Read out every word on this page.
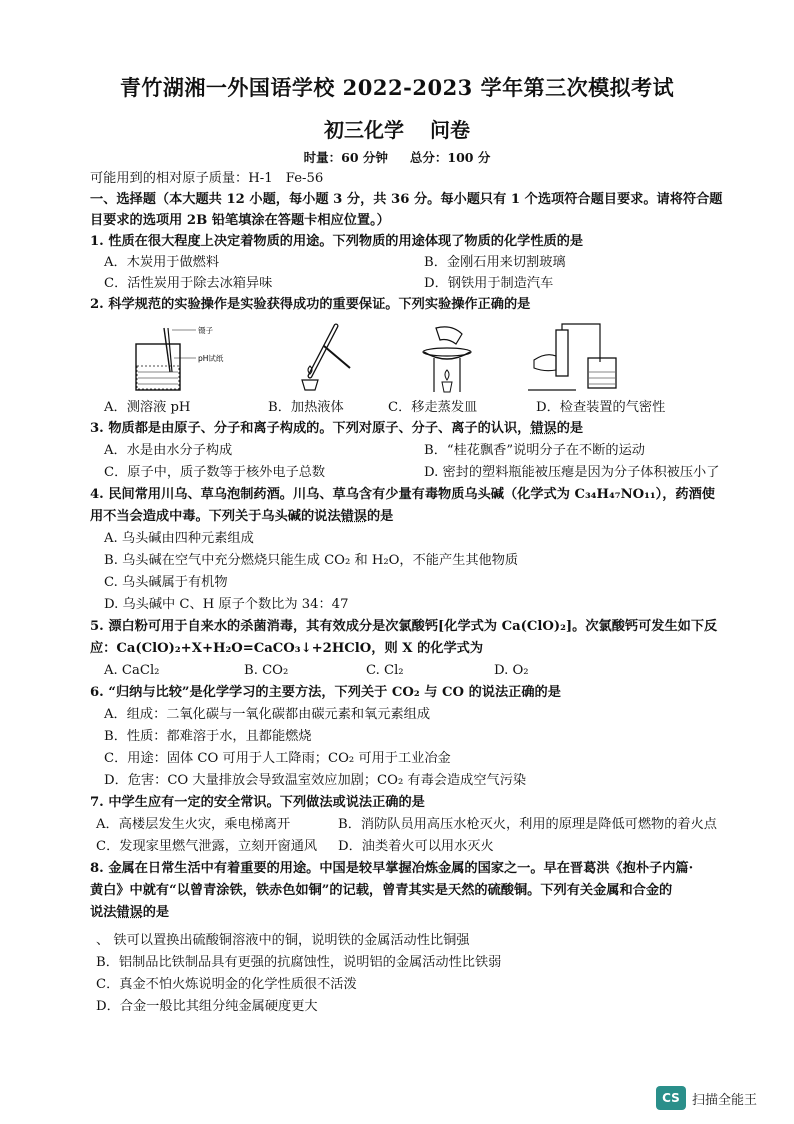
青竹湖湘一外国语学校 2022-2023 学年第三次模拟考试
初三化学 问卷
时量：60 分钟 总分：100 分
可能用到的相对原子质量：H-1　Fe-56
一、选择题（本大题共 12 小题，每小题 3 分，共 36 分。每小题只有 1 个选项符合题目要求。请将符合题
目要求的选项用 2B 铅笔填涂在答题卡相应位置。）
1. 性质在很大程度上决定着物质的用途。下列物质的用途体现了物质的化学性质的是
A．木炭用于做燃料	B．金刚石用来切割玻璃
C．活性炭用于除去冰箱异味	D．钢铁用于制造汽车
2. 科学规范的实验操作是实验获得成功的重要保证。下列实验操作正确的是
镊子
pH试纸
A．测溶液 pH	B．加热液体	C．移走蒸发皿	D．检查装置的气密性
3. 物质都是由原子、分子和离子构成的。下列对原子、分子、离子的认识，错误的是
A．水是由水分子构成	B．“桂花飘香”说明分子在不断的运动
C．原子中，质子数等于核外电子总数	D. 密封的塑料瓶能被压瘪是因为分子体积被压小了
4. 民间常用川乌、草乌泡制药酒。川乌、草乌含有少量有毒物质乌头碱（化学式为 C₃₄H₄₇NO₁₁），药酒使
用不当会造成中毒。下列关于乌头碱的说法错误的是
A. 乌头碱由四种元素组成
B. 乌头碱在空气中充分燃烧只能生成 CO₂ 和 H₂O，不能产生其他物质
C. 乌头碱属于有机物
D. 乌头碱中 C、H 原子个数比为 34：47
5. 漂白粉可用于自来水的杀菌消毒，其有效成分是次氯酸钙[化学式为 Ca(ClO)₂]。次氯酸钙可发生如下反
应：Ca(ClO)₂+X+H₂O=CaCO₃↓+2HClO，则 X 的化学式为
A. CaCl₂	B. CO₂	C. Cl₂	D. O₂
6. “归纳与比较”是化学学习的主要方法，下列关于 CO₂ 与 CO 的说法正确的是
A．组成：二氧化碳与一氧化碳都由碳元素和氧元素组成
B．性质：都难溶于水，且都能燃烧
C．用途：固体 CO 可用于人工降雨；CO₂ 可用于工业冶金
D．危害：CO 大量排放会导致温室效应加剧；CO₂ 有毒会造成空气污染
7. 中学生应有一定的安全常识。下列做法或说法正确的是
A．高楼层发生火灾，乘电梯离开	B．消防队员用高压水枪灭火，利用的原理是降低可燃物的着火点
C．发现家里燃气泄露，立刻开窗通风 D．油类着火可以用水灭火
8. 金属在日常生活中有着重要的用途。中国是较早掌握冶炼金属的国家之一。早在晋葛洪《抱朴子内篇·
黄白》中就有“以曾青涂铁，铁赤色如铜”的记载，曾青其实是天然的硫酸铜。下列有关金属和合金的
说法错误的是
、 铁可以置换出硫酸铜溶液中的铜，说明铁的金属活动性比铜强
B．铝制品比铁制品具有更强的抗腐蚀性，说明铝的金属活动性比铁弱
C．真金不怕火炼说明金的化学性质很不活泼
D．合金一般比其组分纯金属硬度更大
CS 扫描全能王
